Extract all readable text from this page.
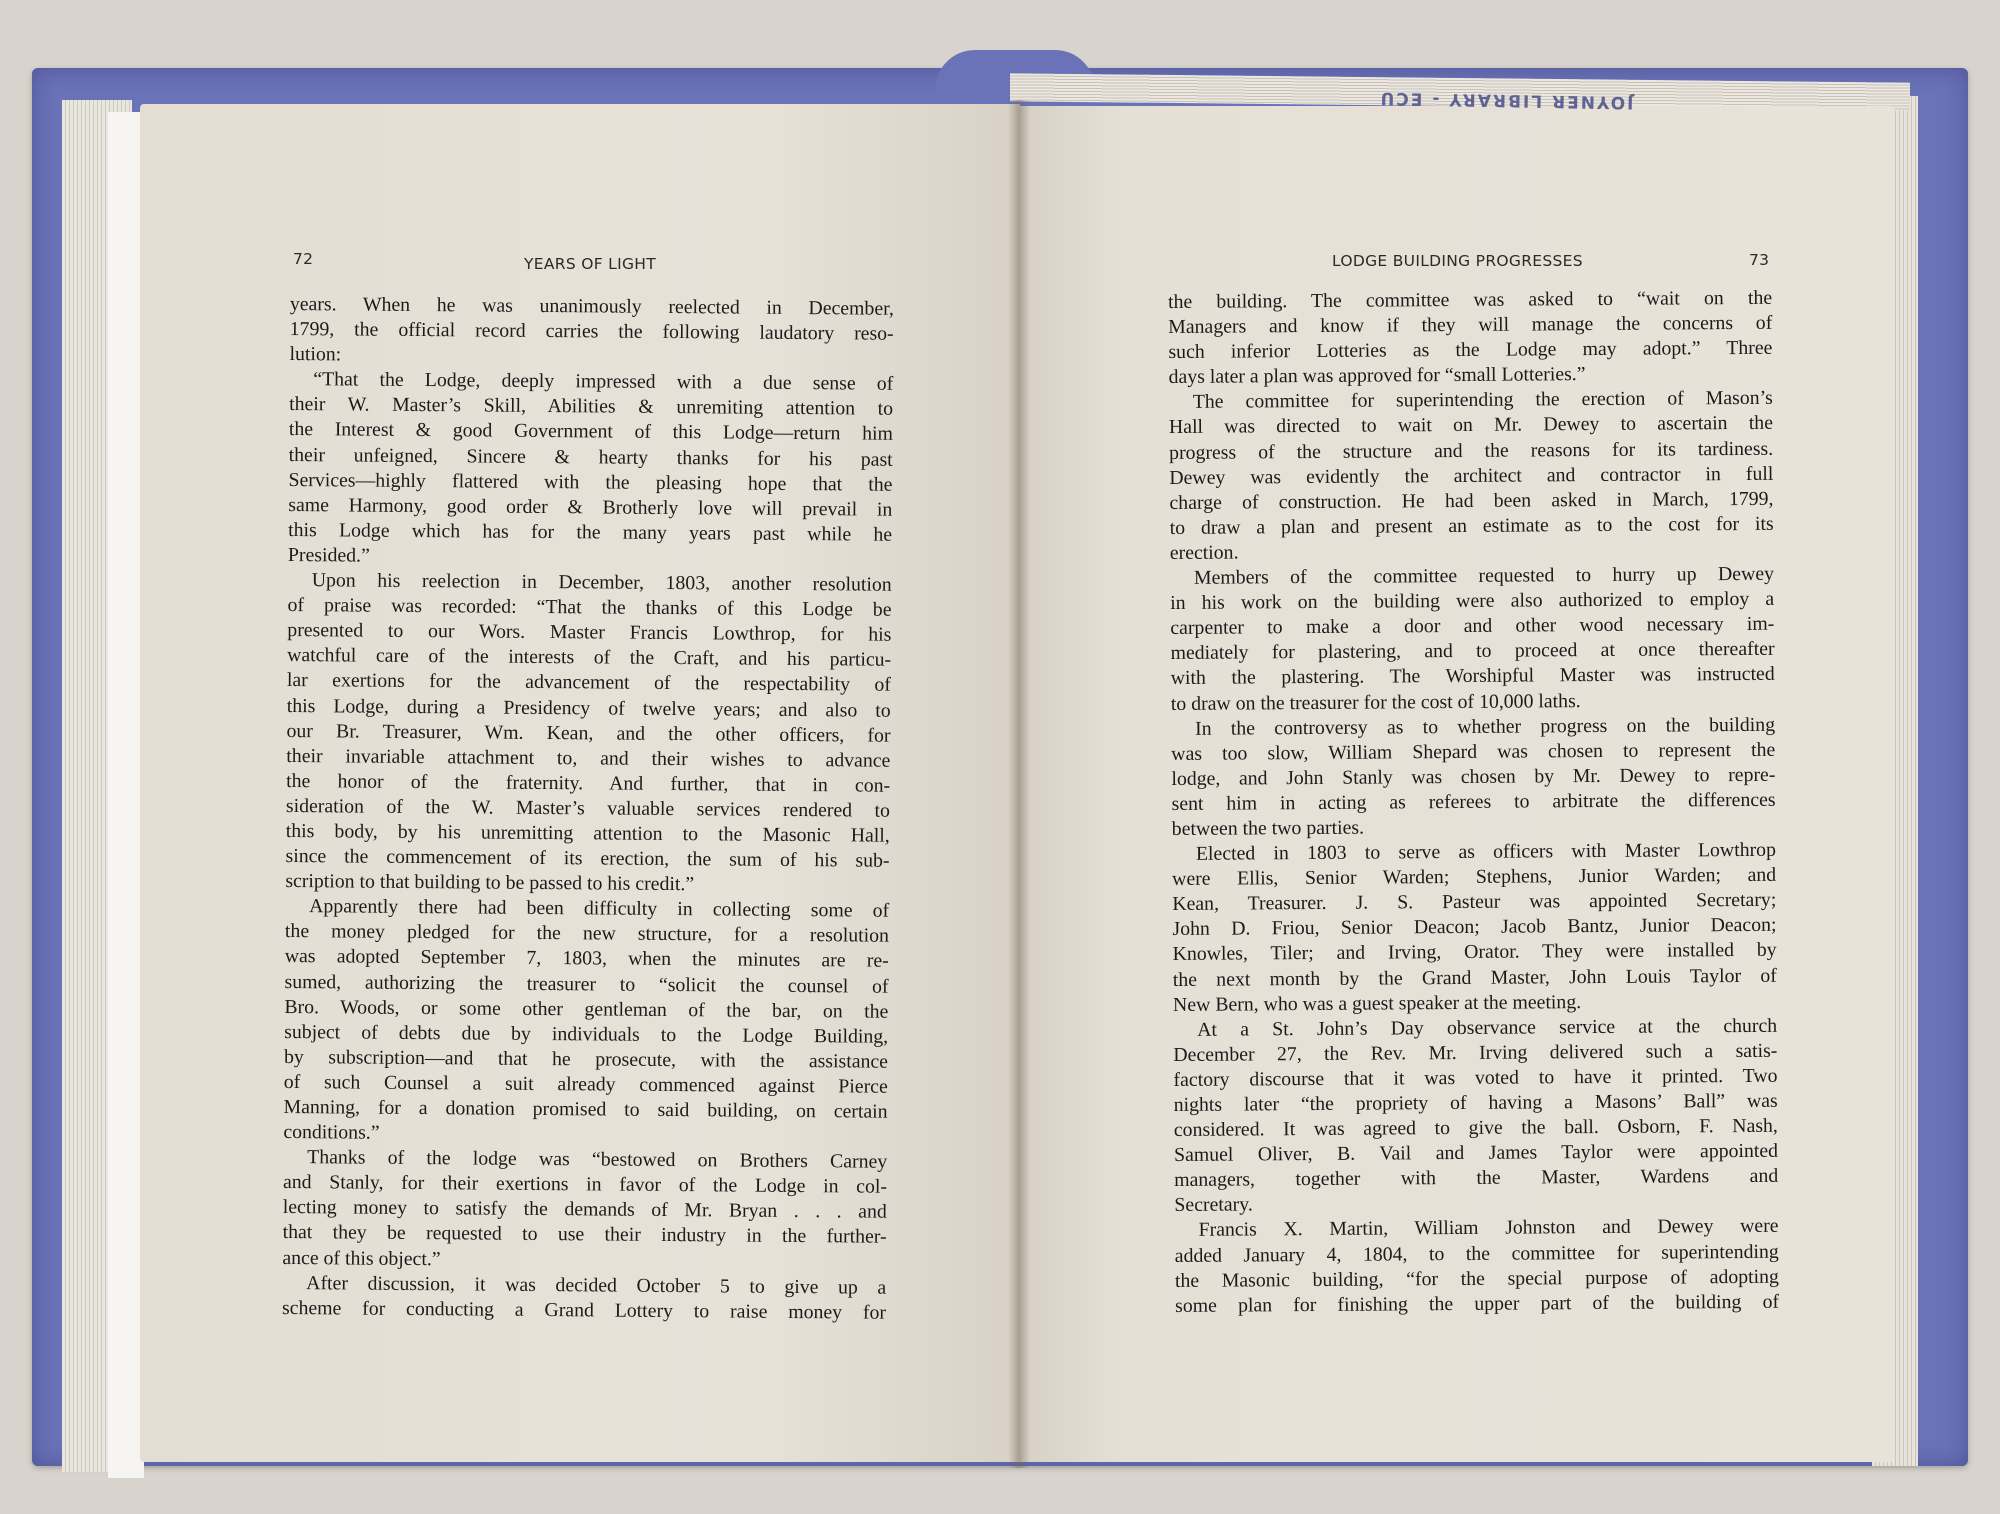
JOYNER LIBRARY - ECU
72	YEARS OF LIGHT	LODGE BUILDING PROGRESSES	73
years. When he was unanimously reelected in December,
1799, the official record carries the following laudatory reso-
lution:
“That the Lodge, deeply impressed with a due sense of
their W. Master’s Skill, Abilities & unremiting attention to
the Interest & good Government of this Lodge—return him
their unfeigned, Sincere & hearty thanks for his past
Services—highly flattered with the pleasing hope that the
same Harmony, good order & Brotherly love will prevail in
this Lodge which has for the many years past while he
Presided.”
Upon his reelection in December, 1803, another resolution
of praise was recorded: “That the thanks of this Lodge be
presented to our Wors. Master Francis Lowthrop, for his
watchful care of the interests of the Craft, and his particu-
lar exertions for the advancement of the respectability of
this Lodge, during a Presidency of twelve years; and also to
our Br. Treasurer, Wm. Kean, and the other officers, for
their invariable attachment to, and their wishes to advance
the honor of the fraternity. And further, that in con-
sideration of the W. Master’s valuable services rendered to
this body, by his unremitting attention to the Masonic Hall,
since the commencement of its erection, the sum of his sub-
scription to that building to be passed to his credit.”
Apparently there had been difficulty in collecting some of
the money pledged for the new structure, for a resolution
was adopted September 7, 1803, when the minutes are re-
sumed, authorizing the treasurer to “solicit the counsel of
Bro. Woods, or some other gentleman of the bar, on the
subject of debts due by individuals to the Lodge Building,
by subscription—and that he prosecute, with the assistance
of such Counsel a suit already commenced against Pierce
Manning, for a donation promised to said building, on certain
conditions.”
Thanks of the lodge was “bestowed on Brothers Carney
and Stanly, for their exertions in favor of the Lodge in col-
lecting money to satisfy the demands of Mr. Bryan . . . and
that they be requested to use their industry in the further-
ance of this object.”
After discussion, it was decided October 5 to give up a
scheme for conducting a Grand Lottery to raise money for
the building. The committee was asked to “wait on the
Managers and know if they will manage the concerns of
such inferior Lotteries as the Lodge may adopt.” Three
days later a plan was approved for “small Lotteries.”
The committee for superintending the erection of Mason’s
Hall was directed to wait on Mr. Dewey to ascertain the
progress of the structure and the reasons for its tardiness.
Dewey was evidently the architect and contractor in full
charge of construction. He had been asked in March, 1799,
to draw a plan and present an estimate as to the cost for its
erection.
Members of the committee requested to hurry up Dewey
in his work on the building were also authorized to employ a
carpenter to make a door and other wood necessary im-
mediately for plastering, and to proceed at once thereafter
with the plastering. The Worshipful Master was instructed
to draw on the treasurer for the cost of 10,000 laths.
In the controversy as to whether progress on the building
was too slow, William Shepard was chosen to represent the
lodge, and John Stanly was chosen by Mr. Dewey to repre-
sent him in acting as referees to arbitrate the differences
between the two parties.
Elected in 1803 to serve as officers with Master Lowthrop
were Ellis, Senior Warden; Stephens, Junior Warden; and
Kean, Treasurer. J. S. Pasteur was appointed Secretary;
John D. Friou, Senior Deacon; Jacob Bantz, Junior Deacon;
Knowles, Tiler; and Irving, Orator. They were installed by
the next month by the Grand Master, John Louis Taylor of
New Bern, who was a guest speaker at the meeting.
At a St. John’s Day observance service at the church
December 27, the Rev. Mr. Irving delivered such a satis-
factory discourse that it was voted to have it printed. Two
nights later “the propriety of having a Masons’ Ball” was
considered. It was agreed to give the ball. Osborn, F. Nash,
Samuel Oliver, B. Vail and James Taylor were appointed
managers, together with the Master, Wardens and
Secretary.
Francis X. Martin, William Johnston and Dewey were
added January 4, 1804, to the committee for superintending
the Masonic building, “for the special purpose of adopting
some plan for finishing the upper part of the building of
